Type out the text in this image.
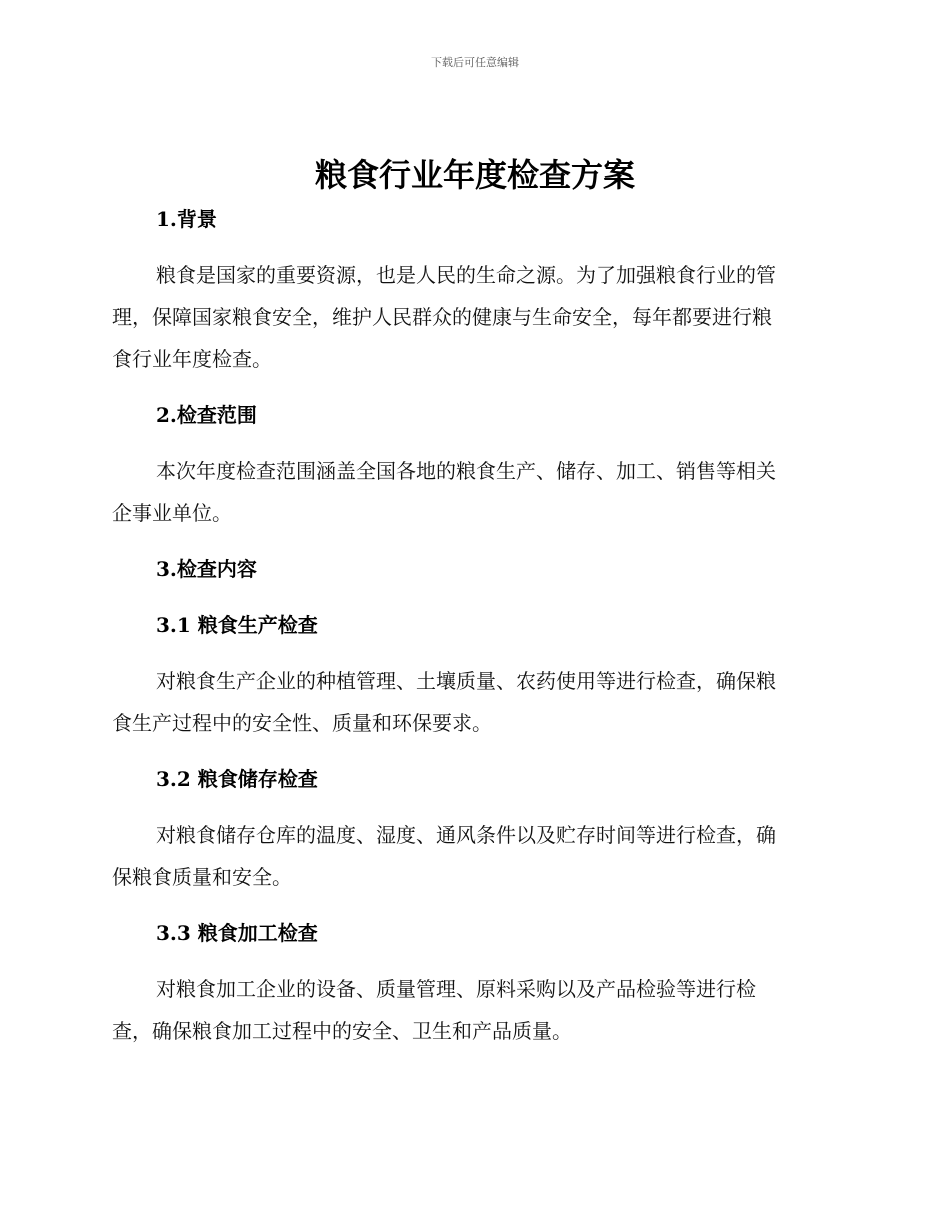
下载后可任意编辑
粮食行业年度检查方案
1.背景
粮食是国家的重要资源，也是人民的生命之源。为了加强粮食行业的管
理，保障国家粮食安全，维护人民群众的健康与生命安全，每年都要进行粮
食行业年度检查。
2.检查范围
本次年度检查范围涵盖全国各地的粮食生产、储存、加工、销售等相关
企事业单位。
3.检查内容
3.1 粮食生产检查
对粮食生产企业的种植管理、土壤质量、农药使用等进行检查，确保粮
食生产过程中的安全性、质量和环保要求。
3.2 粮食储存检查
对粮食储存仓库的温度、湿度、通风条件以及贮存时间等进行检查，确
保粮食质量和安全。
3.3 粮食加工检查
对粮食加工企业的设备、质量管理、原料采购以及产品检验等进行检
查，确保粮食加工过程中的安全、卫生和产品质量。
